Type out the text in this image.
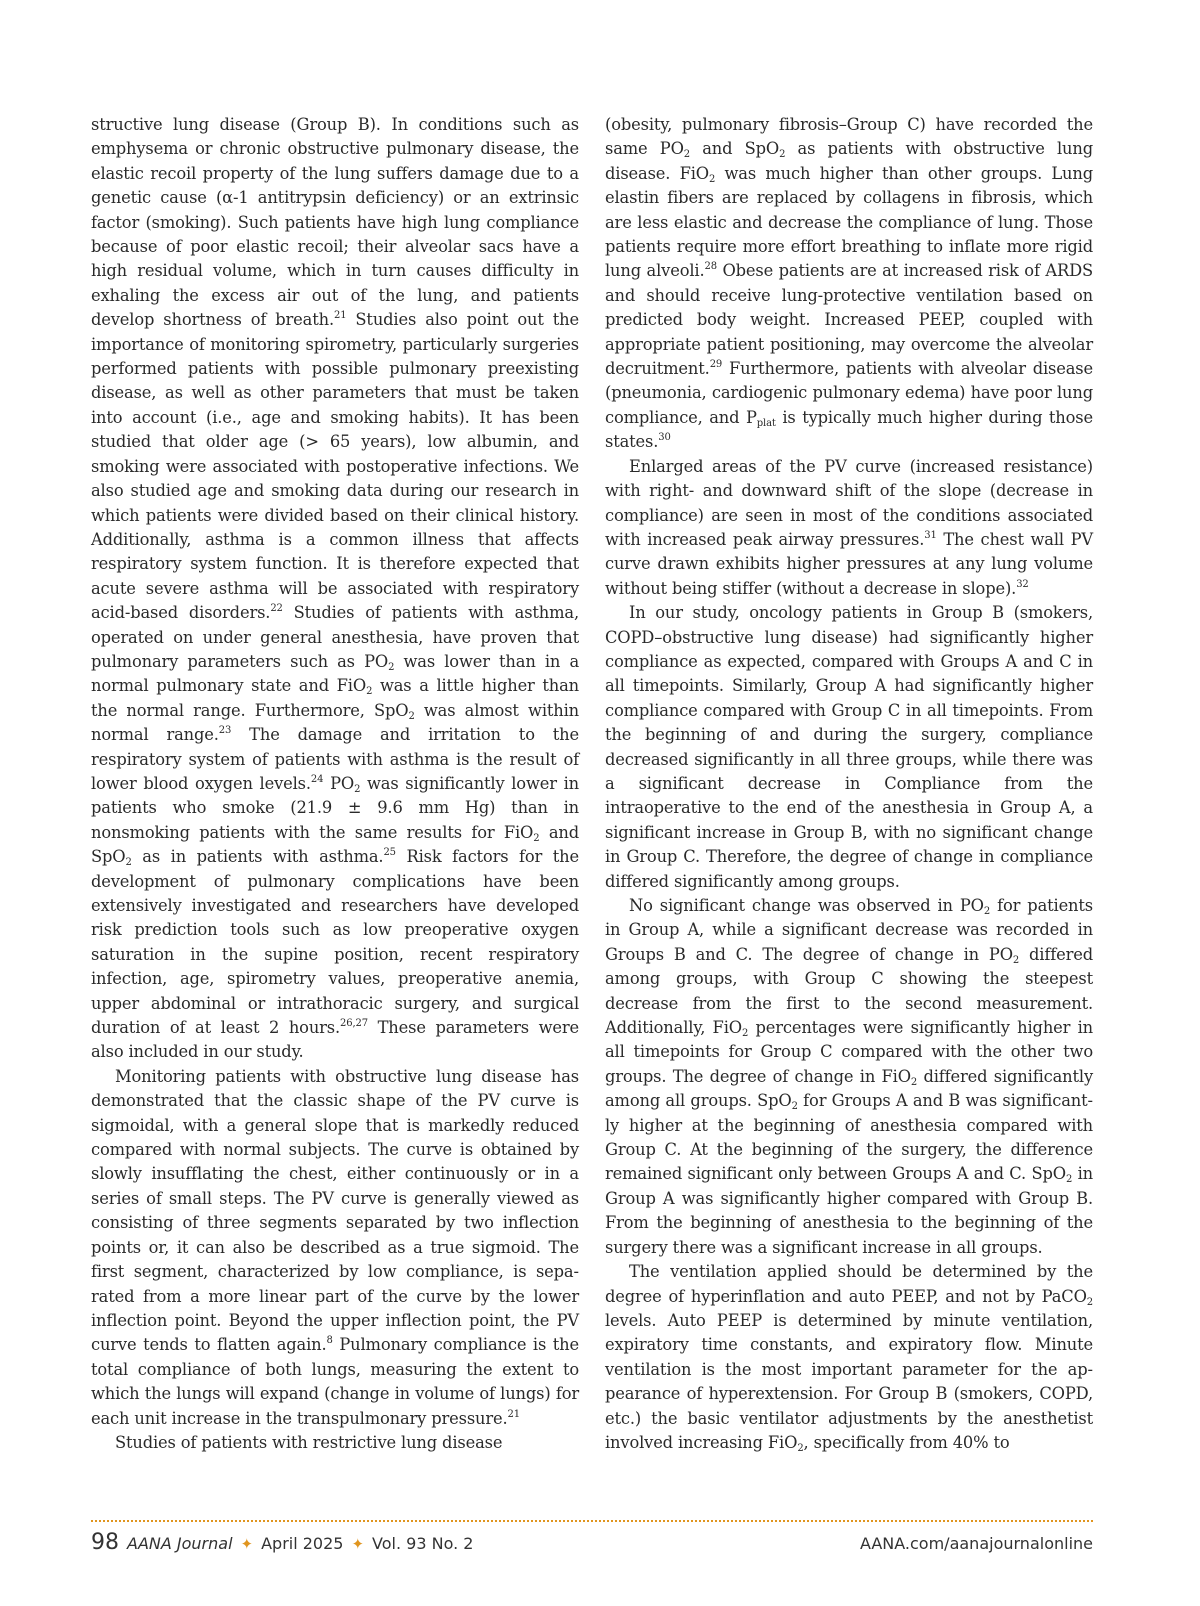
structive lung disease (Group B). In conditions such as emphysema or chronic obstructive pulmonary disease, the elastic recoil property of the lung suffers damage due to a genetic cause (α-1 antitrypsin deficiency) or an extrinsic factor (smoking). Such patients have high lung compliance because of poor elastic recoil; their alveolar sacs have a high residual volume, which in turn causes difficulty in exhaling the excess air out of the lung, and patients develop shortness of breath.$^{21}$ Studies also point out the importance of monitoring spirometry, particularly surgeries performed patients with possible pulmonary preexisting disease, as well as other parameters that must be taken into account (i.e., age and smoking habits). It has been studied that older age (> 65 years), low albumin, and smoking were associated with postoperative infections. We also studied age and smoking data during our research in which patients were divided based on their clinical history. Additionally, asthma is a common illness that affects respiratory system function. It is therefore expected that acute severe asthma will be associated with respiratory acid-based disorders.$^{22}$ Studies of patients with asthma, operated on under general anesthesia, have proven that pulmonary parameters such as $PO_2$ was lower than in a normal pulmonary state and FiO$_2$ was a little higher than the normal range. Furthermore, SpO$_2$ was almost within normal range.$^{23}$ The damage and irritation to the respiratory system of patients with asthma is the result of lower blood oxygen levels.$^{24}$ $PO_2$ was significantly lower in patients who smoke (21.9 ± 9.6 mm Hg) than in nonsmoking patients with the same results for FiO$_2$ and SpO$_2$ as in patients with asthma.$^{25}$ Risk factors for the development of pulmonary complications have been extensively investigated and researchers have developed risk prediction tools such as low preoperative oxygen saturation in the supine position, recent respiratory infection, age, spirometry values, preoperative anemia, upper abdominal or intrathoracic surgery, and surgical duration of at least 2 hours.$^{26,27}$ These parameters were also included in our study.

Monitoring patients with obstructive lung disease has demonstrated that the classic shape of the PV curve is sigmoidal, with a general slope that is markedly reduced compared with normal subjects. The curve is obtained by slowly insufflating the chest, either continuously or in a series of small steps. The PV curve is generally viewed as consisting of three segments separated by two inflection points or, it can also be described as a true sigmoid. The first segment, characterized by low compliance, is separated from a more linear part of the curve by the lower inflection point. Beyond the upper inflection point, the PV curve tends to flatten again.$^8$ Pulmonary compliance is the total compliance of both lungs, measuring the extent to which the lungs will expand (change in volume of lungs) for each unit increase in the transpulmonary pressure.$^{21}$

Studies of patients with restrictive lung disease

(obesity, pulmonary fibrosis–Group C) have recorded the same $PO_2$ and SpO$_2$ as patients with obstructive lung disease. FiO$_2$ was much higher than other groups. Lung elastin fibers are replaced by collagens in fibrosis, which are less elastic and decrease the compliance of lung. Those patients require more effort breathing to inflate more rigid lung alveoli.$^{28}$ Obese patients are at increased risk of ARDS and should receive lung-protective ventilation based on predicted body weight. Increased PEEP, coupled with appropriate patient positioning, may overcome the alveolar decruitment.$^{29}$ Furthermore, patients with alveolar disease (pneumonia, cardiogenic pulmonary edema) have poor lung compliance, and $P_{plat}$ is typically much higher during those states.$^{30}$

Enlarged areas of the PV curve (increased resistance) with right- and downward shift of the slope (decrease in compliance) are seen in most of the conditions associated with increased peak airway pressures.$^{31}$ The chest wall PV curve drawn exhibits higher pressures at any lung volume without being stiffer (without a decrease in slope).$^{32}$

In our study, oncology patients in Group B (smokers, COPD–obstructive lung disease) had significantly higher compliance as expected, compared with Groups A and C in all timepoints. Similarly, Group A had significantly higher compliance compared with Group C in all timepoints. From the beginning of and during the surgery, compliance decreased significantly in all three groups, while there was a significant decrease in Compliance from the intraoperative to the end of the anesthesia in Group A, a significant increase in Group B, with no significant change in Group C. Therefore, the degree of change in compliance differed significantly among groups.

No significant change was observed in $PO_2$ for patients in Group A, while a significant decrease was recorded in Groups B and C. The degree of change in $PO_2$ differed among groups, with Group C showing the steepest decrease from the first to the second measurement. Additionally, FiO$_2$ percentages were significantly higher in all timepoints for Group C compared with the other two groups. The degree of change in FiO$_2$ differed significantly among all groups. SpO$_2$ for Groups A and B was significantly higher at the beginning of anesthesia compared with Group C. At the beginning of the surgery, the difference remained significant only between Groups A and C. SpO$_2$ in Group A was significantly higher compared with Group B. From the beginning of anesthesia to the beginning of the surgery there was a significant increase in all groups.

The ventilation applied should be determined by the degree of hyperinflation and auto PEEP, and not by PaCO$_2$ levels. Auto PEEP is determined by minute ventilation, expiratory time constants, and expiratory flow. Minute ventilation is the most important parameter for the appearance of hyperextension. For Group B (smokers, COPD, etc.) the basic ventilator adjustments by the anesthetist involved increasing FiO$_2$, specifically from 40% to

98 AANA Journal ✦ April 2025 ✦ Vol. 93 No. 2	AANA.com/aanajournalonline
